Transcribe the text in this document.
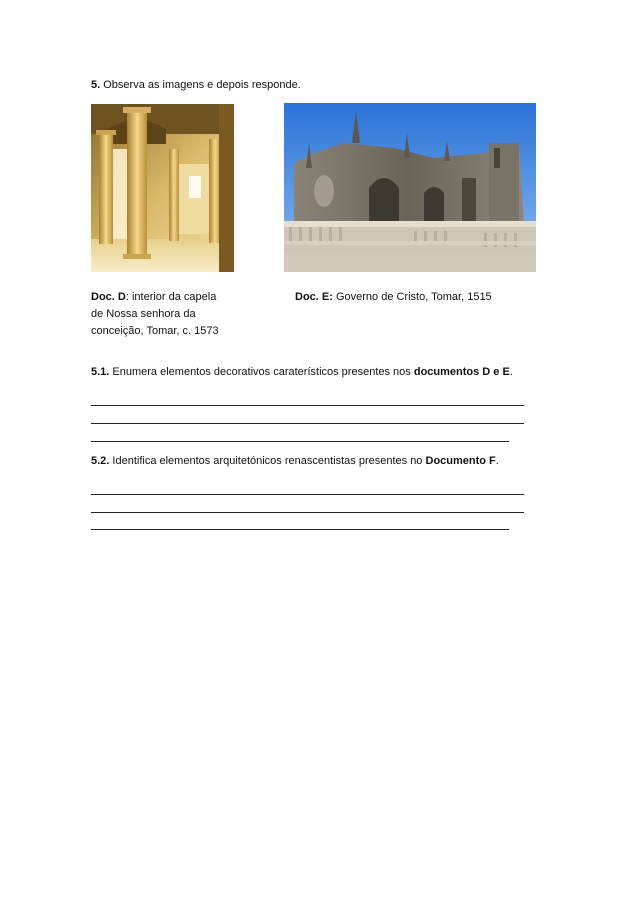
5. Observa as imagens e depois responde.
Doc. D: interior da capela
de Nossa senhora da
conceição, Tomar, c. 1573
Doc. E: Governo de Cristo, Tomar, 1515
5.1. Enumera elementos decorativos caraterísticos presentes nos documentos D e E.
5.2. Identifica elementos arquitetónicos renascentistas presentes no Documento F.
